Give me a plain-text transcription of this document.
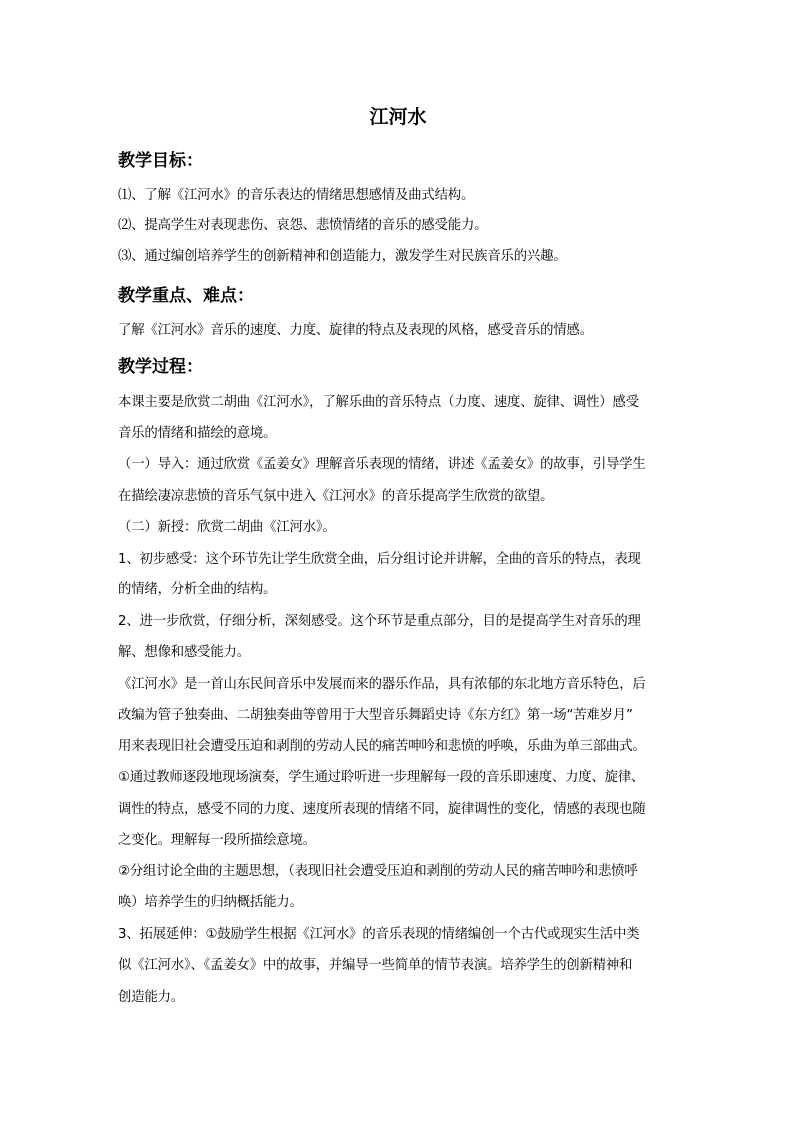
江河水
教学目标：
⑴、了解《江河水》的音乐表达的情绪思想感情及曲式结构。
⑵、提高学生对表现悲伤、哀怨、悲愤情绪的音乐的感受能力。
⑶、通过编创培养学生的创新精神和创造能力，激发学生对民族音乐的兴趣。
教学重点、难点：
了解《江河水》音乐的速度、力度、旋律的特点及表现的风格，感受音乐的情感。
教学过程：
本课主要是欣赏二胡曲《江河水》，了解乐曲的音乐特点（力度、速度、旋律、调性）感受
音乐的情绪和描绘的意境。
（一）导入：通过欣赏《孟姜女》理解音乐表现的情绪，讲述《孟姜女》的故事，引导学生
在描绘凄凉悲愤的音乐气氛中进入《江河水》的音乐提高学生欣赏的欲望。
（二）新授：欣赏二胡曲《江河水》。
1、初步感受：这个环节先让学生欣赏全曲，后分组讨论并讲解，全曲的音乐的特点，表现
的情绪，分析全曲的结构。
2、进一步欣赏，仔细分析，深刻感受。这个环节是重点部分，目的是提高学生对音乐的理
解、想像和感受能力。
《江河水》是一首山东民间音乐中发展而来的器乐作品，具有浓郁的东北地方音乐特色，后
改编为管子独奏曲、二胡独奏曲等曾用于大型音乐舞蹈史诗《东方红》第一场“苦难岁月”
用来表现旧社会遭受压迫和剥削的劳动人民的痛苦呻吟和悲愤的呼唤，乐曲为单三部曲式。
①通过教师逐段地现场演奏，学生通过聆听进一步理解每一段的音乐即速度、力度、旋律、
调性的特点，感受不同的力度、速度所表现的情绪不同，旋律调性的变化，情感的表现也随
之变化。理解每一段所描绘意境。
②分组讨论全曲的主题思想，（表现旧社会遭受压迫和剥削的劳动人民的痛苦呻吟和悲愤呼
唤）培养学生的归纳概括能力。
3、拓展延伸：①鼓励学生根据《江河水》的音乐表现的情绪编创一个古代或现实生活中类
似《江河水》、《孟姜女》中的故事，并编导一些简单的情节表演。培养学生的创新精神和
创造能力。
